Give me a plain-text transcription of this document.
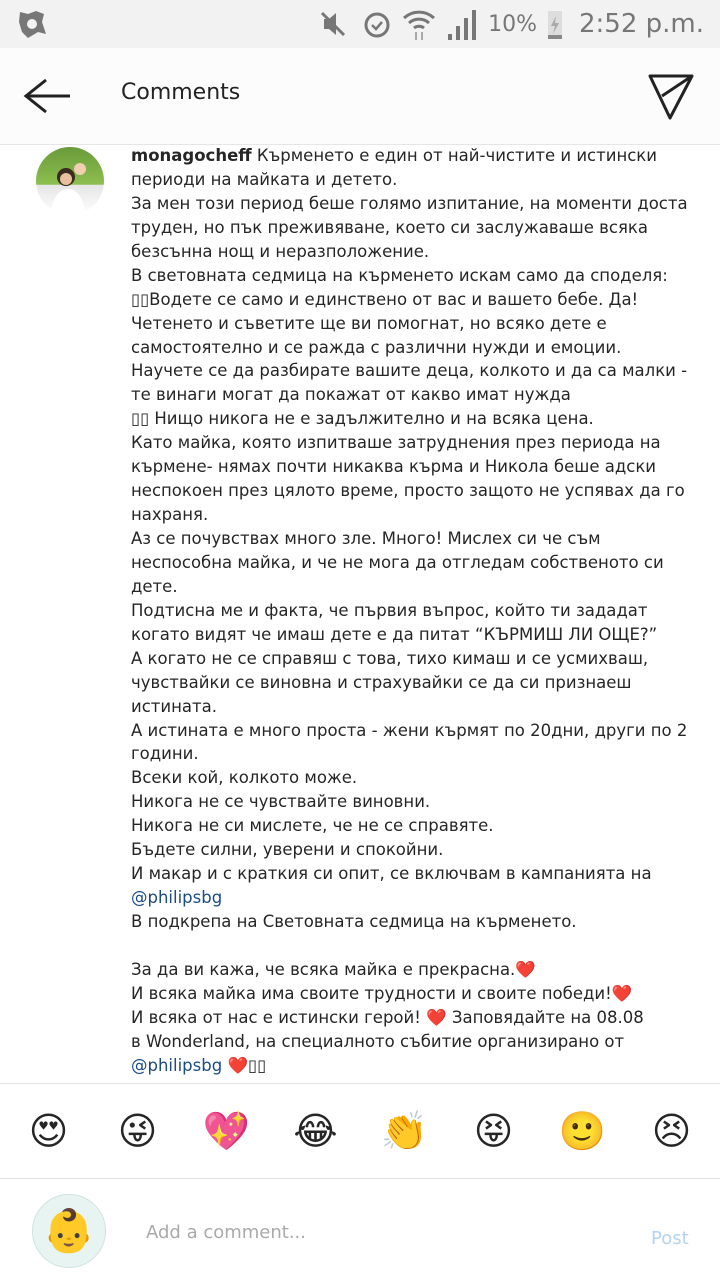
10% 2:52 p.m.
Comments
monagocheff Кърменето е един от най-чистите и истински
периоди на майката и детето.
За мен този период беше голямо изпитание, на моменти доста
труден, но пък преживяване, което си заслужаваше всяка
безсънна нощ и неразположение.
В световната седмица на кърменето искам само да споделя:
▯▯Водете се само и единствено от вас и вашето бебе. Да!
Четенето и съветите ще ви помогнат, но всяко дете е
самостоятелно и се ражда с различни нужди и емоции.
Научете се да разбирате вашите деца, колкото и да са малки -
те винаги могат да покажат от какво имат нужда
▯▯ Нищо никога не е задължително и на всяка цена.
Като майка, която изпитваше затруднения през периода на
кърмене- нямах почти никаква кърма и Никола беше адски
неспокоен през цялото време, просто защото не успявах да го
нахраня.
Аз се почувствах много зле. Много! Мислех си че съм
неспособна майка, и че не мога да отгледам собственото си
дете.
Подтисна ме и факта, че първия въпрос, който ти зададат
когато видят че имаш дете е да питат “КЪРМИШ ЛИ ОЩЕ?”
А когато не се справяш с това, тихо кимаш и се усмихваш,
чувствайки се виновна и страхувайки се да си признаеш
истината.
А истината е много проста - жени кърмят по 20дни, други по 2
години.
Всеки кой, колкото може.
Никога не се чувствайте виновни.
Никога не си мислете, че не се справяте.
Бъдете силни, уверени и спокойни.
И макар и с краткия си опит, се включвам в кампанията на
@philipsbg
В подкрепа на Световната седмица на кърменето.
За да ви кажа, че всяка майка е прекрасна.❤️
И всяка майка има своите трудности и своите победи!❤️
И всяка от нас е истински герой! ❤️ Заповядайте на 08.08
в Wonderland, на специалното събитие организирано от
@philipsbg ❤️▯▯
😍 😜 💖 😂 👏 😝 🙂 😣
👶
Add a comment...	Post
